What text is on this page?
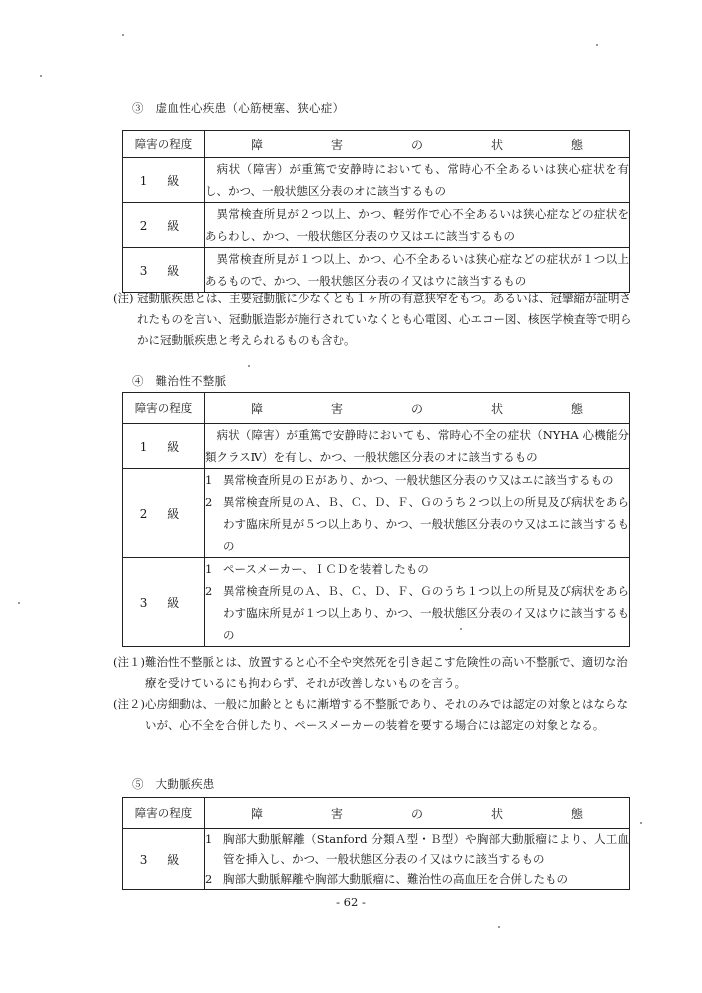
③　虚血性心疾患（心筋梗塞、狭心症）
障害の程度	障 害 の 状 態
1 級	病状（障害）が重篤で安静時においても、常時心不全あるいは狭心症状を有し、かつ、一般状態区分表のオに該当するもの

2 級	異常検査所見が２つ以上、かつ、軽労作で心不全あるいは狭心症などの症状をあらわし、かつ、一般状態区分表のウ又はエに該当するもの

3 級	異常検査所見が１つ以上、かつ、心不全あるいは狭心症などの症状が１つ以上あるもので、かつ、一般状態区分表のイ又はウに該当するもの
(注) 冠動脈疾患とは、主要冠動脈に少なくとも１ヶ所の有意狭窄をもつ。あるいは、冠攣縮が証明されたものを言い、冠動脈造影が施行されていなくとも心電図、心エコー図、核医学検査等で明らかに冠動脈疾患と考えられるものも含む。

④　難治性不整脈
障害の程度	障 害 の 状 態
1 級	病状（障害）が重篤で安静時においても、常時心不全の症状（NYHA 心機能分類クラスⅣ）を有し、かつ、一般状態区分表のオに該当するもの

2 級	1 異常検査所見のＥがあり、かつ、一般状態区分表のウ又はエに該当するもの
2 異常検査所見のＡ、Ｂ、Ｃ、Ｄ、Ｆ、Ｇのうち２つ以上の所見及び病状をあらわす臨床所見が５つ以上あり、かつ、一般状態区分表のウ又はエに該当するもの

3 級	1 ペースメーカー、ＩＣＤを装着したもの
2 異常検査所見のＡ、Ｂ、Ｃ、Ｄ、Ｆ、Ｇのうち１つ以上の所見及び病状をあらわす臨床所見が１つ以上あり、かつ、一般状態区分表のイ又はウに該当するもの
(注１) 難治性不整脈とは、放置すると心不全や突然死を引き起こす危険性の高い不整脈で、適切な治療を受けているにも拘わらず、それが改善しないものを言う。

(注２) 心房細動は、一般に加齢とともに漸増する不整脈であり、それのみでは認定の対象とはならないが、心不全を合併したり、ペースメーカーの装着を要する場合には認定の対象となる。

⑤　大動脈疾患
障害の程度	障 害 の 状 態
3 級	1 胸部大動脈解離（Stanford 分類Ａ型・Ｂ型）や胸部大動脈瘤により、人工血管を挿入し、かつ、一般状態区分表のイ又はウに該当するもの
2 胸部大動脈解離や胸部大動脈瘤に、難治性の高血圧を合併したもの
- 62 -
